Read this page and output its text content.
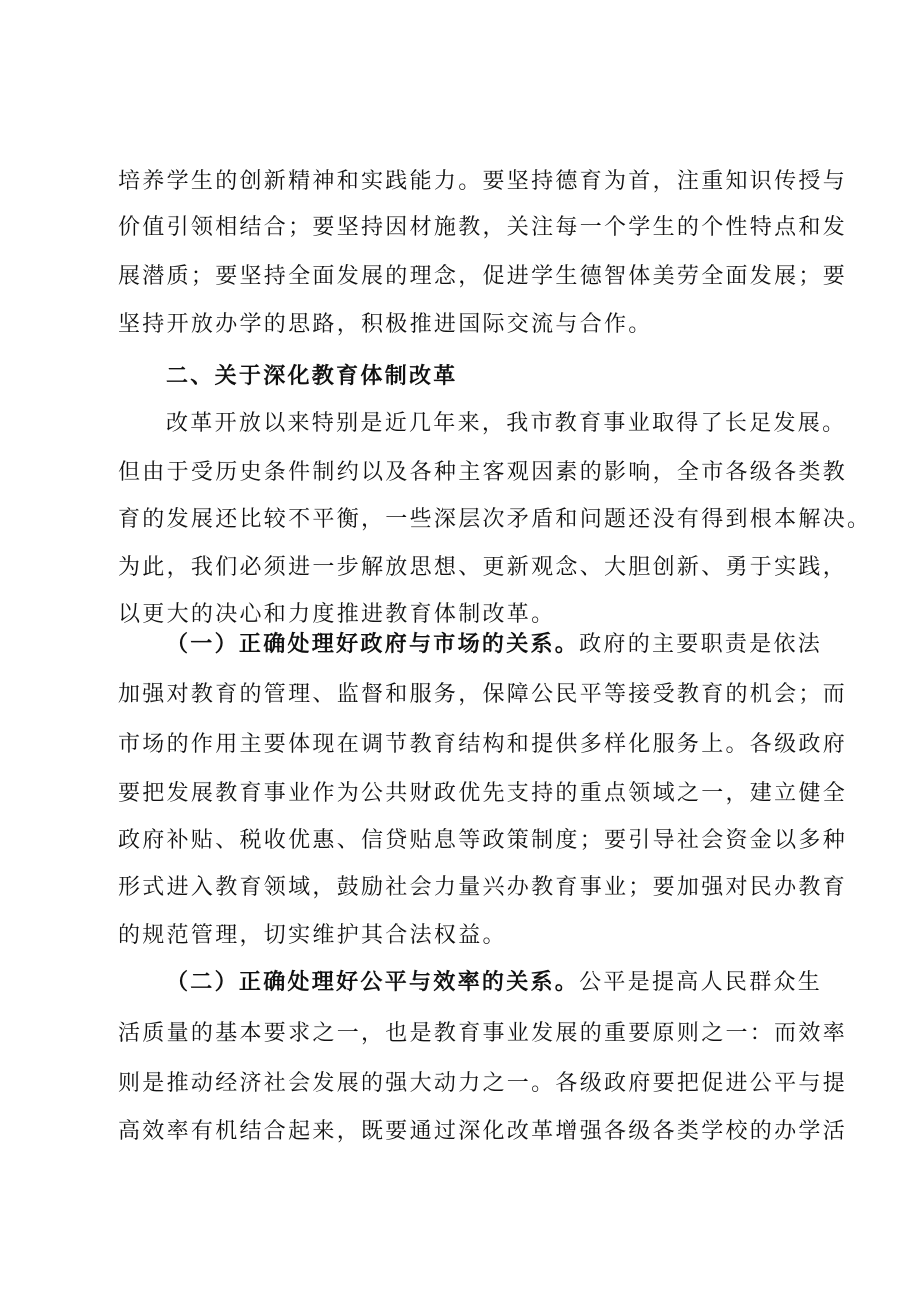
培养学生的创新精神和实践能力。要坚持德育为首，注重知识传授与
价值引领相结合；要坚持因材施教，关注每一个学生的个性特点和发
展潜质；要坚持全面发展的理念，促进学生德智体美劳全面发展；要
坚持开放办学的思路，积极推进国际交流与合作。
二、关于深化教育体制改革
改革开放以来特别是近几年来，我市教育事业取得了长足发展。
但由于受历史条件制约以及各种主客观因素的影响，全市各级各类教
育的发展还比较不平衡，一些深层次矛盾和问题还没有得到根本解决。
为此，我们必须进一步解放思想、更新观念、大胆创新、勇于实践，
以更大的决心和力度推进教育体制改革。
（一）正确处理好政府与市场的关系。政府的主要职责是依法
加强对教育的管理、监督和服务，保障公民平等接受教育的机会；而
市场的作用主要体现在调节教育结构和提供多样化服务上。各级政府
要把发展教育事业作为公共财政优先支持的重点领域之一，建立健全
政府补贴、税收优惠、信贷贴息等政策制度；要引导社会资金以多种
形式进入教育领域，鼓励社会力量兴办教育事业；要加强对民办教育
的规范管理，切实维护其合法权益。
（二）正确处理好公平与效率的关系。公平是提高人民群众生
活质量的基本要求之一，也是教育事业发展的重要原则之一：而效率
则是推动经济社会发展的强大动力之一。各级政府要把促进公平与提
高效率有机结合起来，既要通过深化改革增强各级各类学校的办学活
